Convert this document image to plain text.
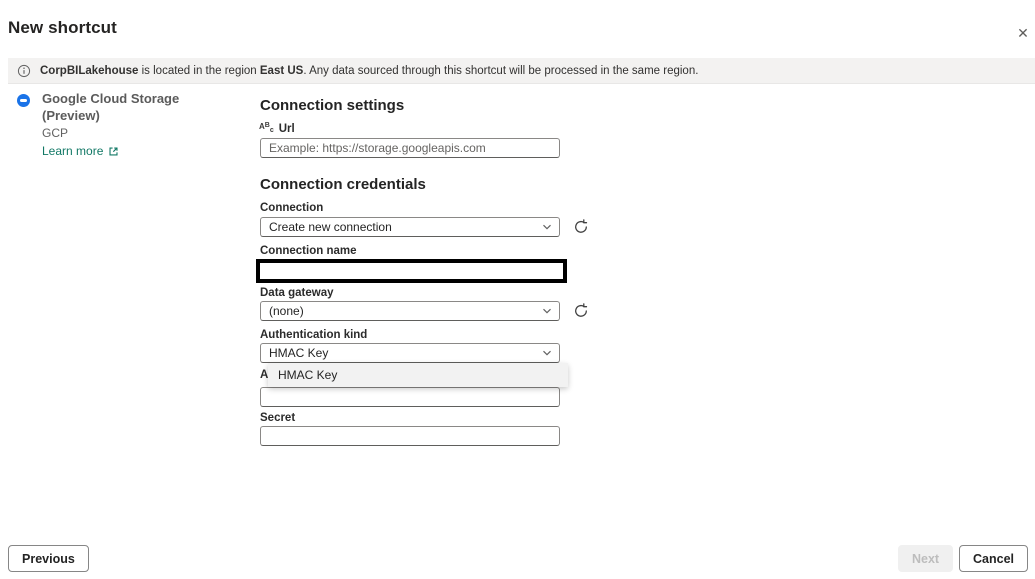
New shortcut	✕
CorpBILakehouse is located in the region East US. Any data sourced through this shortcut will be processed in the same region.
Google Cloud Storage (Preview)
GCP
Learn more
Connection settings
$A^Bc$ Url
Example: https://storage.googleapis.com
Connection credentials
Connection
Create new connection
Connection name
Data gateway
(none)
Authentication kind
HMAC Key
A HMAC Key
Secret
Previous	Next	Cancel
